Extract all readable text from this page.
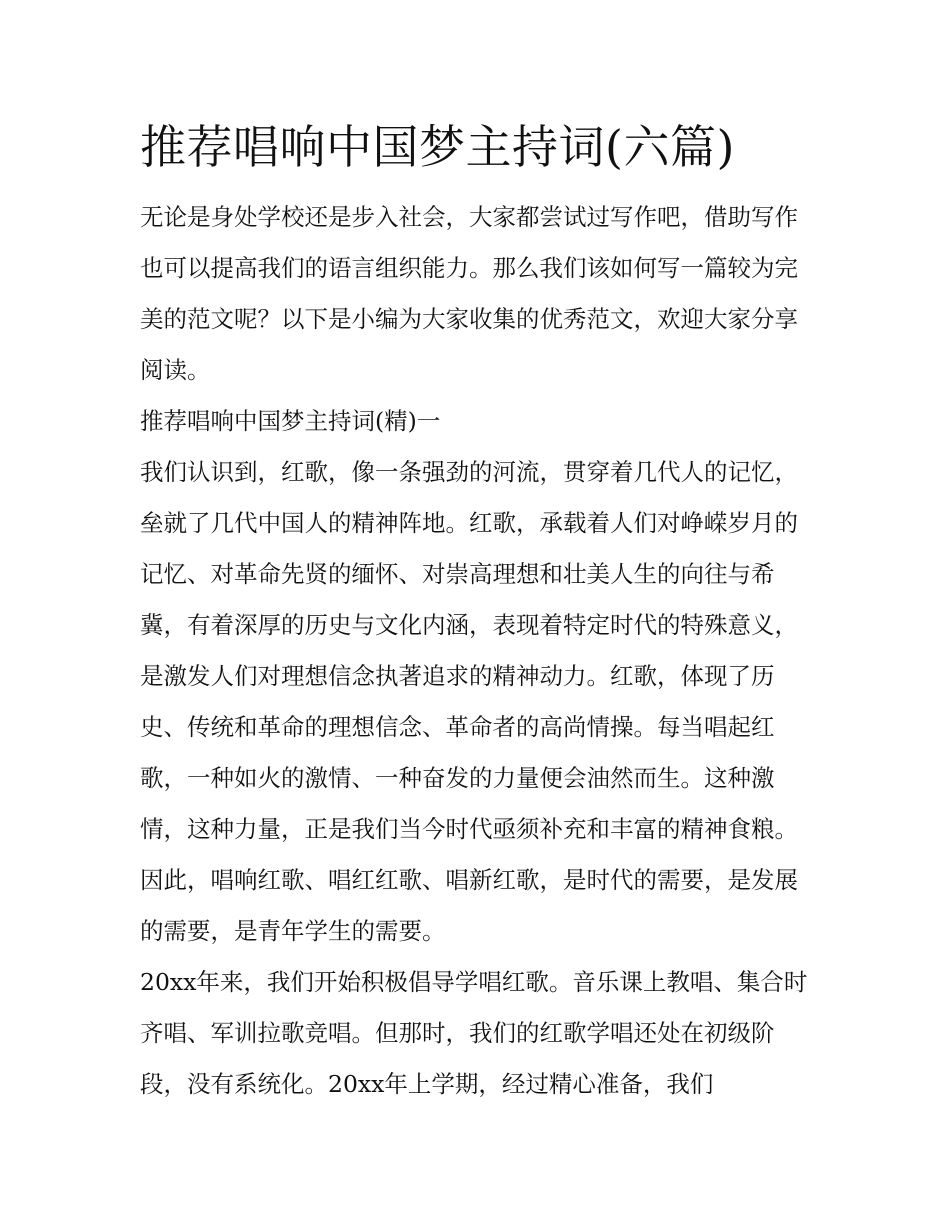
推荐唱响中国梦主持词(六篇)

无论是身处学校还是步入社会，大家都尝试过写作吧，借助写作也可以提高我们的语言组织能力。那么我们该如何写一篇较为完美的范文呢？以下是小编为大家收集的优秀范文，欢迎大家分享阅读。

推荐唱响中国梦主持词(精)一

我们认识到，红歌，像一条强劲的河流，贯穿着几代人的记忆，垒就了几代中国人的精神阵地。红歌，承载着人们对峥嵘岁月的记忆、对革命先贤的缅怀、对崇高理想和壮美人生的向往与希冀，有着深厚的历史与文化内涵，表现着特定时代的特殊意义，是激发人们对理想信念执著追求的精神动力。红歌，体现了历史、传统和革命的理想信念、革命者的高尚情操。每当唱起红歌，一种如火的激情、一种奋发的力量便会油然而生。这种激情，这种力量，正是我们当今时代亟须补充和丰富的精神食粮。因此，唱响红歌、唱红红歌、唱新红歌，是时代的需要，是发展的需要，是青年学生的需要。

20xx年来，我们开始积极倡导学唱红歌。音乐课上教唱、集合时齐唱、军训拉歌竞唱。但那时，我们的红歌学唱还处在初级阶段，没有系统化。20xx年上学期，经过精心准备，我们
